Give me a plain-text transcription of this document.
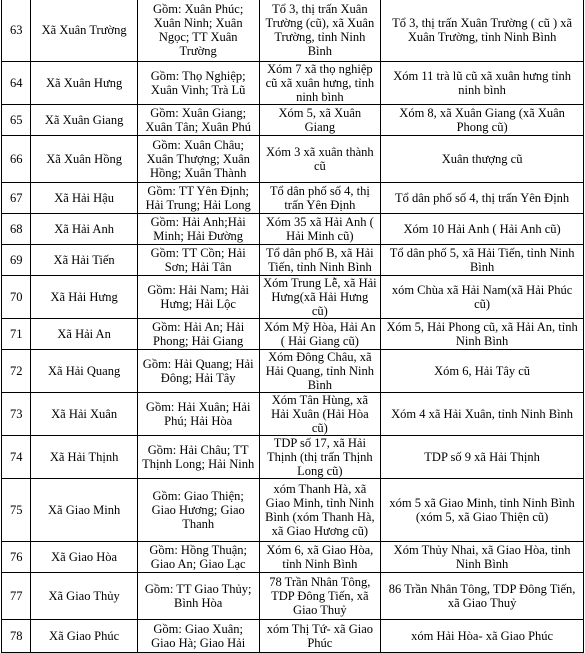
63	Xã Xuân Trường	Gồm: Xuân Phúc; Xuân Ninh; Xuân Ngọc; TT Xuân Trường	Tổ 3, thị trấn Xuân Trường (cũ), xã Xuân Trường, tỉnh Ninh Bình	Tổ 3, thị trấn Xuân Trường ( cũ ) xã Xuân Trường, tỉnh Ninh Bình
64	Xã Xuân Hưng	Gồm: Thọ Nghiệp; Xuân Vinh; Trà Lũ	Xóm 7 xã thọ nghiệp cũ xã xuân hưng, tỉnh ninh bình	Xóm 11 trà lũ cũ xã xuân hưng tỉnh ninh bình
65	Xã Xuân Giang	Gồm: Xuân Giang; Xuân Tân; Xuân Phú	Xóm 5, xã Xuân Giang	Xóm 8, xã Xuân Giang (xã Xuân Phong cũ)
66	Xã Xuân Hồng	Gồm: Xuân Châu; Xuân Thượng; Xuân Hồng; Xuân Thành	Xóm 3 xã xuân thành cũ	Xuân thượng cũ
67	Xã Hải Hậu	Gồm: TT Yên Định; Hải Trung; Hải Long	Tổ dân phố số 4, thị trấn Yên Định	Tổ dân phố số 4, thị trấn Yên Định
68	Xã Hải Anh	Gồm: Hải Anh;Hải Minh; Hải Đường	Xóm 35 xã Hải Anh ( Hải Minh cũ)	Xóm 10 Hải Anh ( Hải Anh cũ)
69	Xã Hải Tiến	Gồm: TT Cồn; Hải Sơn; Hải Tân	Tổ dân phố B, xã Hải Tiến, tỉnh Ninh Bình	Tổ dân phố 5, xã Hải Tiến, tỉnh Ninh Bình
70	Xã Hải Hưng	Gồm: Hải Nam; Hải Hưng; Hải Lộc	Xóm Trung Lễ, xã Hải Hưng(xã Hải Hưng cũ)	xóm Chùa xã Hải Nam(xã Hải Phúc cũ)
71	Xã Hải An	Gồm: Hải An; Hải Phong; Hải Giang	Xóm Mỹ Hòa, Hải An ( Hải Giang cũ)	Xóm 5, Hải Phong cũ, xã Hải An, tỉnh Ninh Bình
72	Xã Hải Quang	Gồm: Hải Quang; Hải Đông; Hải Tây	Xóm Đông Châu, xã Hải Quang, tỉnh Ninh Bình	Xóm 6, Hải Tây cũ
73	Xã Hải Xuân	Gồm: Hải Xuân; Hải Phú; Hải Hòa	Xóm Tân Hùng, xã Hải Xuân (Hải Hòa cũ)	Xóm 4 xã Hải Xuân, tỉnh Ninh Bình
74	Xã Hải Thịnh	Gồm: Hải Châu; TT Thịnh Long; Hải Ninh	TDP số 17, xã Hải Thịnh (thị trấn Thịnh Long cũ)	TDP số 9 xã Hải Thịnh
75	Xã Giao Minh	Gồm: Giao Thiện; Giao Hương; Giao Thanh	xóm Thanh Hà, xã Giao Minh, tỉnh Ninh Bình (xóm Thanh Hà, xã Giao Hương cũ)	xóm 5 xã Giao Minh, tỉnh Ninh Bình (xóm 5, xã Giao Thiện cũ)
76	Xã Giao Hòa	Gồm: Hồng Thuận; Giao An; Giao Lạc	Xóm 6, xã Giao Hòa, tỉnh Ninh Bình	Xóm Thủy Nhai, xã Giao Hòa, tỉnh Ninh Bình
77	Xã Giao Thủy	Gồm: TT Giao Thủy; Bình Hòa	78 Trần Nhân Tông, TDP Đông Tiến, xã Giao Thuỷ	86 Trần Nhân Tông, TDP Đông Tiến, xã Giao Thuỷ
78	Xã Giao Phúc	Gồm: Giao Xuân; Giao Hà; Giao Hải	xóm Thị Tứ- xã Giao Phúc	xóm Hải Hòa- xã Giao Phúc
